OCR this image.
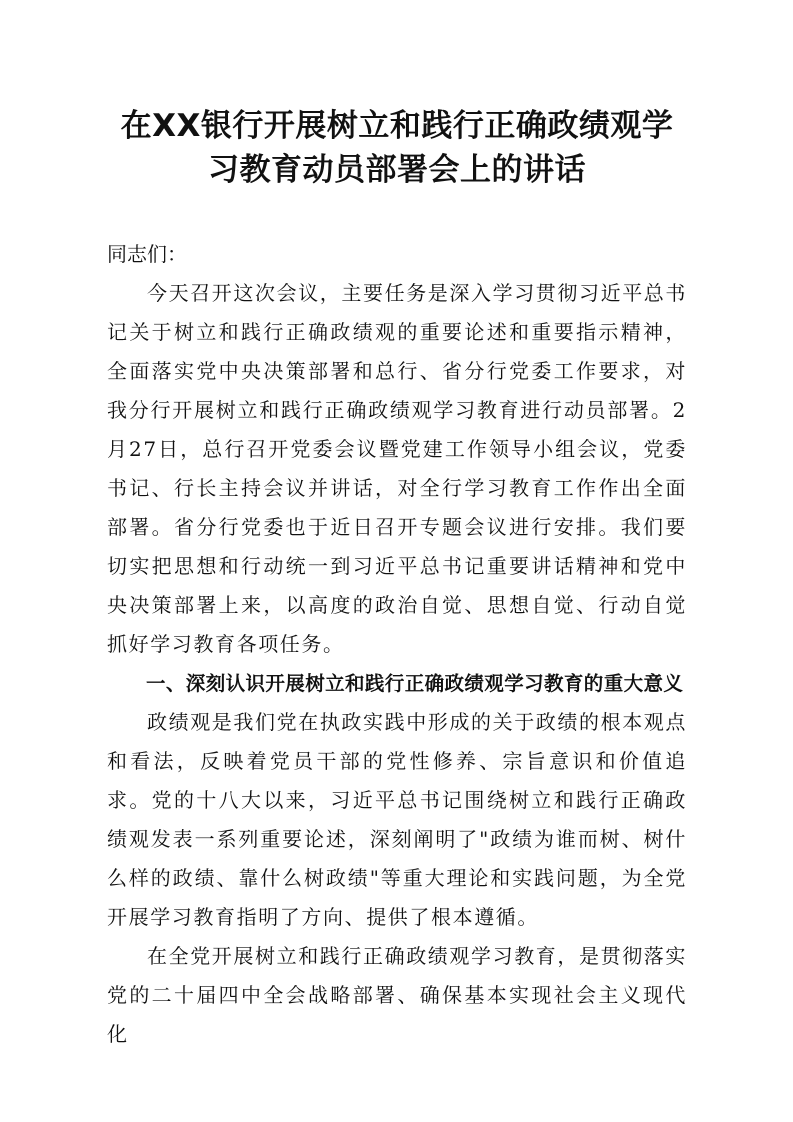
在XX银行开展树立和践行正确政绩观学
习教育动员部署会上的讲话

同志们：

今天召开这次会议，主要任务是深入学习贯彻习近平总书记关于树立和践行正确政绩观的重要论述和重要指示精神，全面落实党中央决策部署和总行、省分行党委工作要求，对我分行开展树立和践行正确政绩观学习教育进行动员部署。2月27日，总行召开党委会议暨党建工作领导小组会议，党委书记、行长主持会议并讲话，对全行学习教育工作作出全面部署。省分行党委也于近日召开专题会议进行安排。我们要切实把思想和行动统一到习近平总书记重要讲话精神和党中央决策部署上来，以高度的政治自觉、思想自觉、行动自觉抓好学习教育各项任务。

一、深刻认识开展树立和践行正确政绩观学习教育的重大意义

政绩观是我们党在执政实践中形成的关于政绩的根本观点和看法，反映着党员干部的党性修养、宗旨意识和价值追求。党的十八大以来，习近平总书记围绕树立和践行正确政绩观发表一系列重要论述，深刻阐明了"政绩为谁而树、树什么样的政绩、靠什么树政绩"等重大理论和实践问题，为全党开展学习教育指明了方向、提供了根本遵循。

在全党开展树立和践行正确政绩观学习教育，是贯彻落实党的二十届四中全会战略部署、确保基本实现社会主义现代化
